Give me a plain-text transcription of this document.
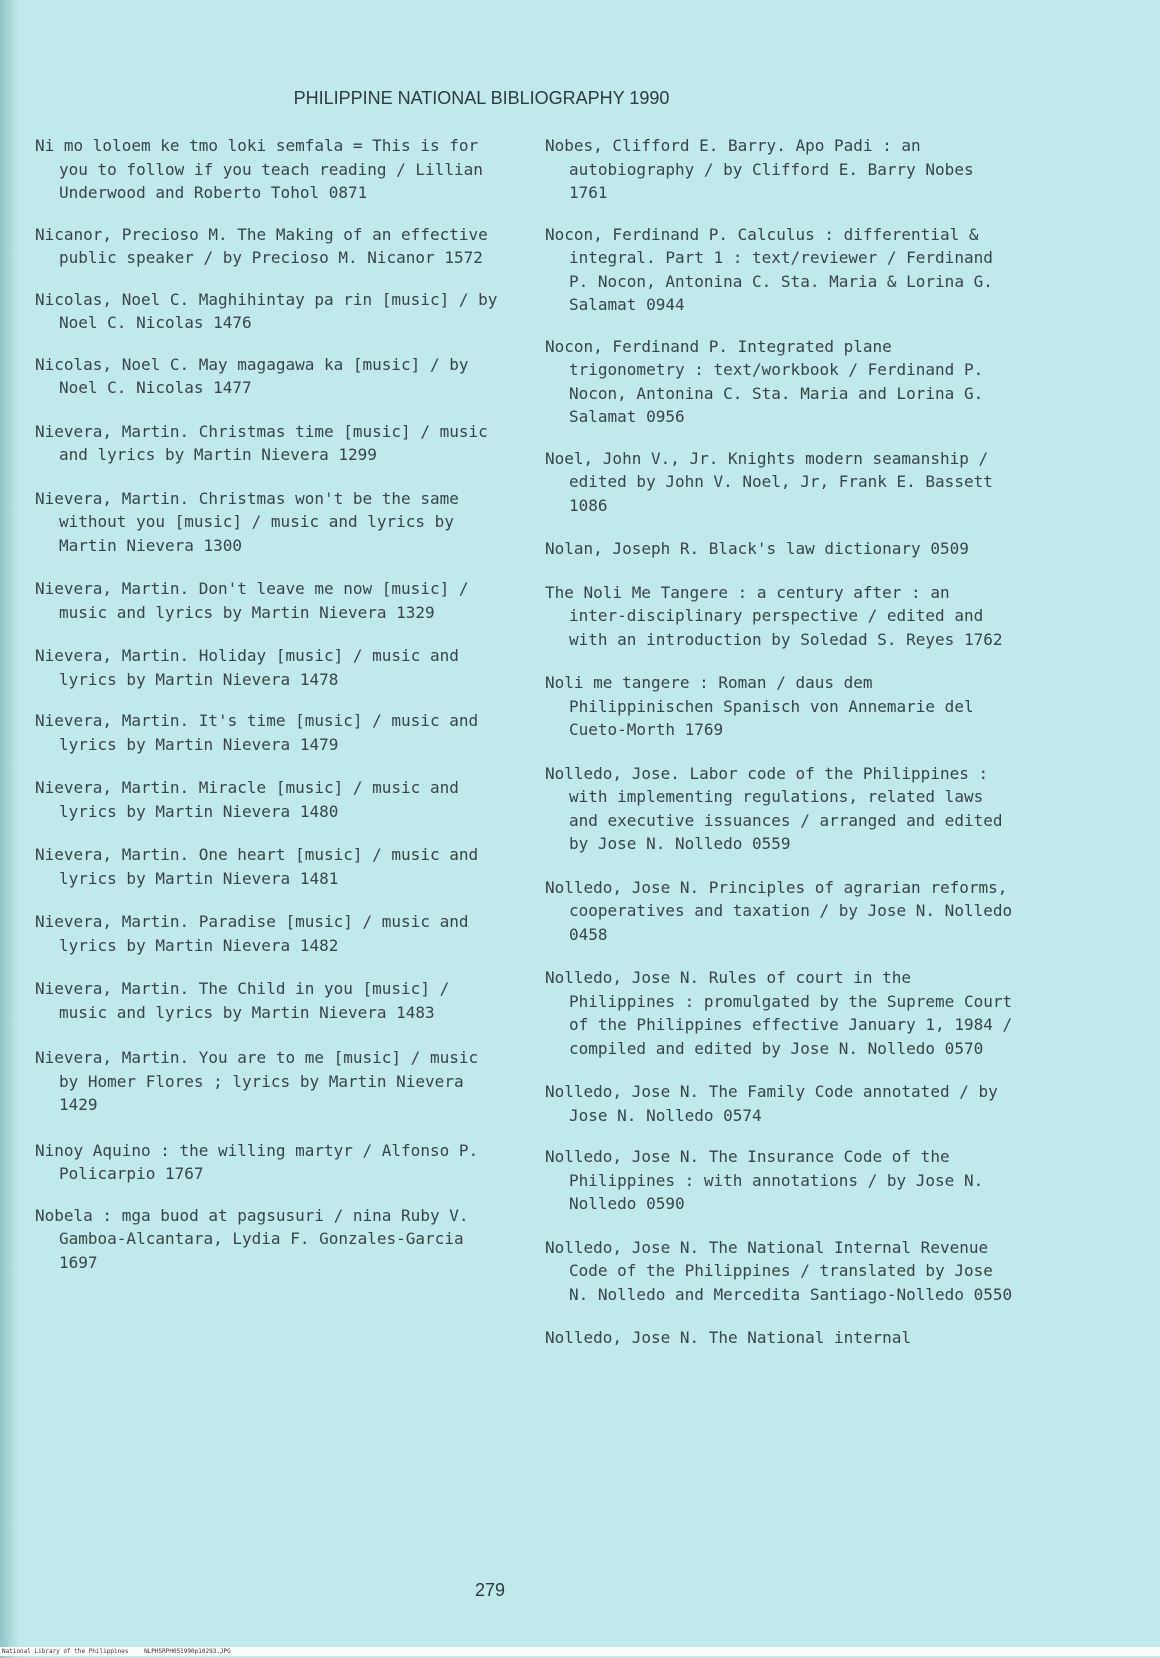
PHILIPPINE NATIONAL BIBLIOGRAPHY 1990

Ni mo loloem ke tmo loki semfala = This is for you to follow if you teach reading / Lillian Underwood and Roberto Tohol 0871

Nicanor, Precioso M. The Making of an effective public speaker / by Precioso M. Nicanor 1572

Nicolas, Noel C. Maghihintay pa rin [music] / by Noel C. Nicolas 1476

Nicolas, Noel C. May magagawa ka [music] / by Noel C. Nicolas 1477

Nievera, Martin. Christmas time [music] / music and lyrics by Martin Nievera 1299

Nievera, Martin. Christmas won't be the same without you [music] / music and lyrics by Martin Nievera 1300

Nievera, Martin. Don't leave me now [music] / music and lyrics by Martin Nievera 1329

Nievera, Martin. Holiday [music] / music and lyrics by Martin Nievera 1478

Nievera, Martin. It's time [music] / music and lyrics by Martin Nievera 1479

Nievera, Martin. Miracle [music] / music and lyrics by Martin Nievera 1480

Nievera, Martin. One heart [music] / music and lyrics by Martin Nievera 1481

Nievera, Martin. Paradise [music] / music and lyrics by Martin Nievera 1482

Nievera, Martin. The Child in you [music] / music and lyrics by Martin Nievera 1483

Nievera, Martin. You are to me [music] / music by Homer Flores ; lyrics by Martin Nievera 1429

Ninoy Aquino : the willing martyr / Alfonso P. Policarpio 1767

Nobela : mga buod at pagsusuri / nina Ruby V. Gamboa-Alcantara, Lydia F. Gonzales-Garcia 1697

Nobes, Clifford E. Barry. Apo Padi : an autobiography / by Clifford E. Barry Nobes 1761

Nocon, Ferdinand P. Calculus : differential & integral. Part 1 : text/reviewer / Ferdinand P. Nocon, Antonina C. Sta. Maria & Lorina G. Salamat 0944

Nocon, Ferdinand P. Integrated plane trigonometry : text/workbook / Ferdinand P. Nocon, Antonina C. Sta. Maria and Lorina G. Salamat 0956

Noel, John V., Jr. Knights modern seamanship / edited by John V. Noel, Jr, Frank E. Bassett 1086

Nolan, Joseph R. Black's law dictionary 0509

The Noli Me Tangere : a century after : an inter-disciplinary perspective / edited and with an introduction by Soledad S. Reyes 1762

Noli me tangere : Roman / daus dem Philippinischen Spanisch von Annemarie del Cueto-Morth 1769

Nolledo, Jose. Labor code of the Philippines : with implementing regulations, related laws and executive issuances / arranged and edited by Jose N. Nolledo 0559

Nolledo, Jose N. Principles of agrarian reforms, cooperatives and taxation / by Jose N. Nolledo 0458

Nolledo, Jose N. Rules of court in the Philippines : promulgated by the Supreme Court of the Philippines effective January 1, 1984 / compiled and edited by Jose N. Nolledo 0570

Nolledo, Jose N. The Family Code annotated / by Jose N. Nolledo 0574

Nolledo, Jose N. The Insurance Code of the Philippines : with annotations / by Jose N. Nolledo 0590

Nolledo, Jose N. The National Internal Revenue Code of the Philippines / translated by Jose N. Nolledo and Mercedita Santiago-Nolledo 0550

Nolledo, Jose N. The National internal

279
National Library of the Philippines	NLPHSRPH051990p10293.JPG
